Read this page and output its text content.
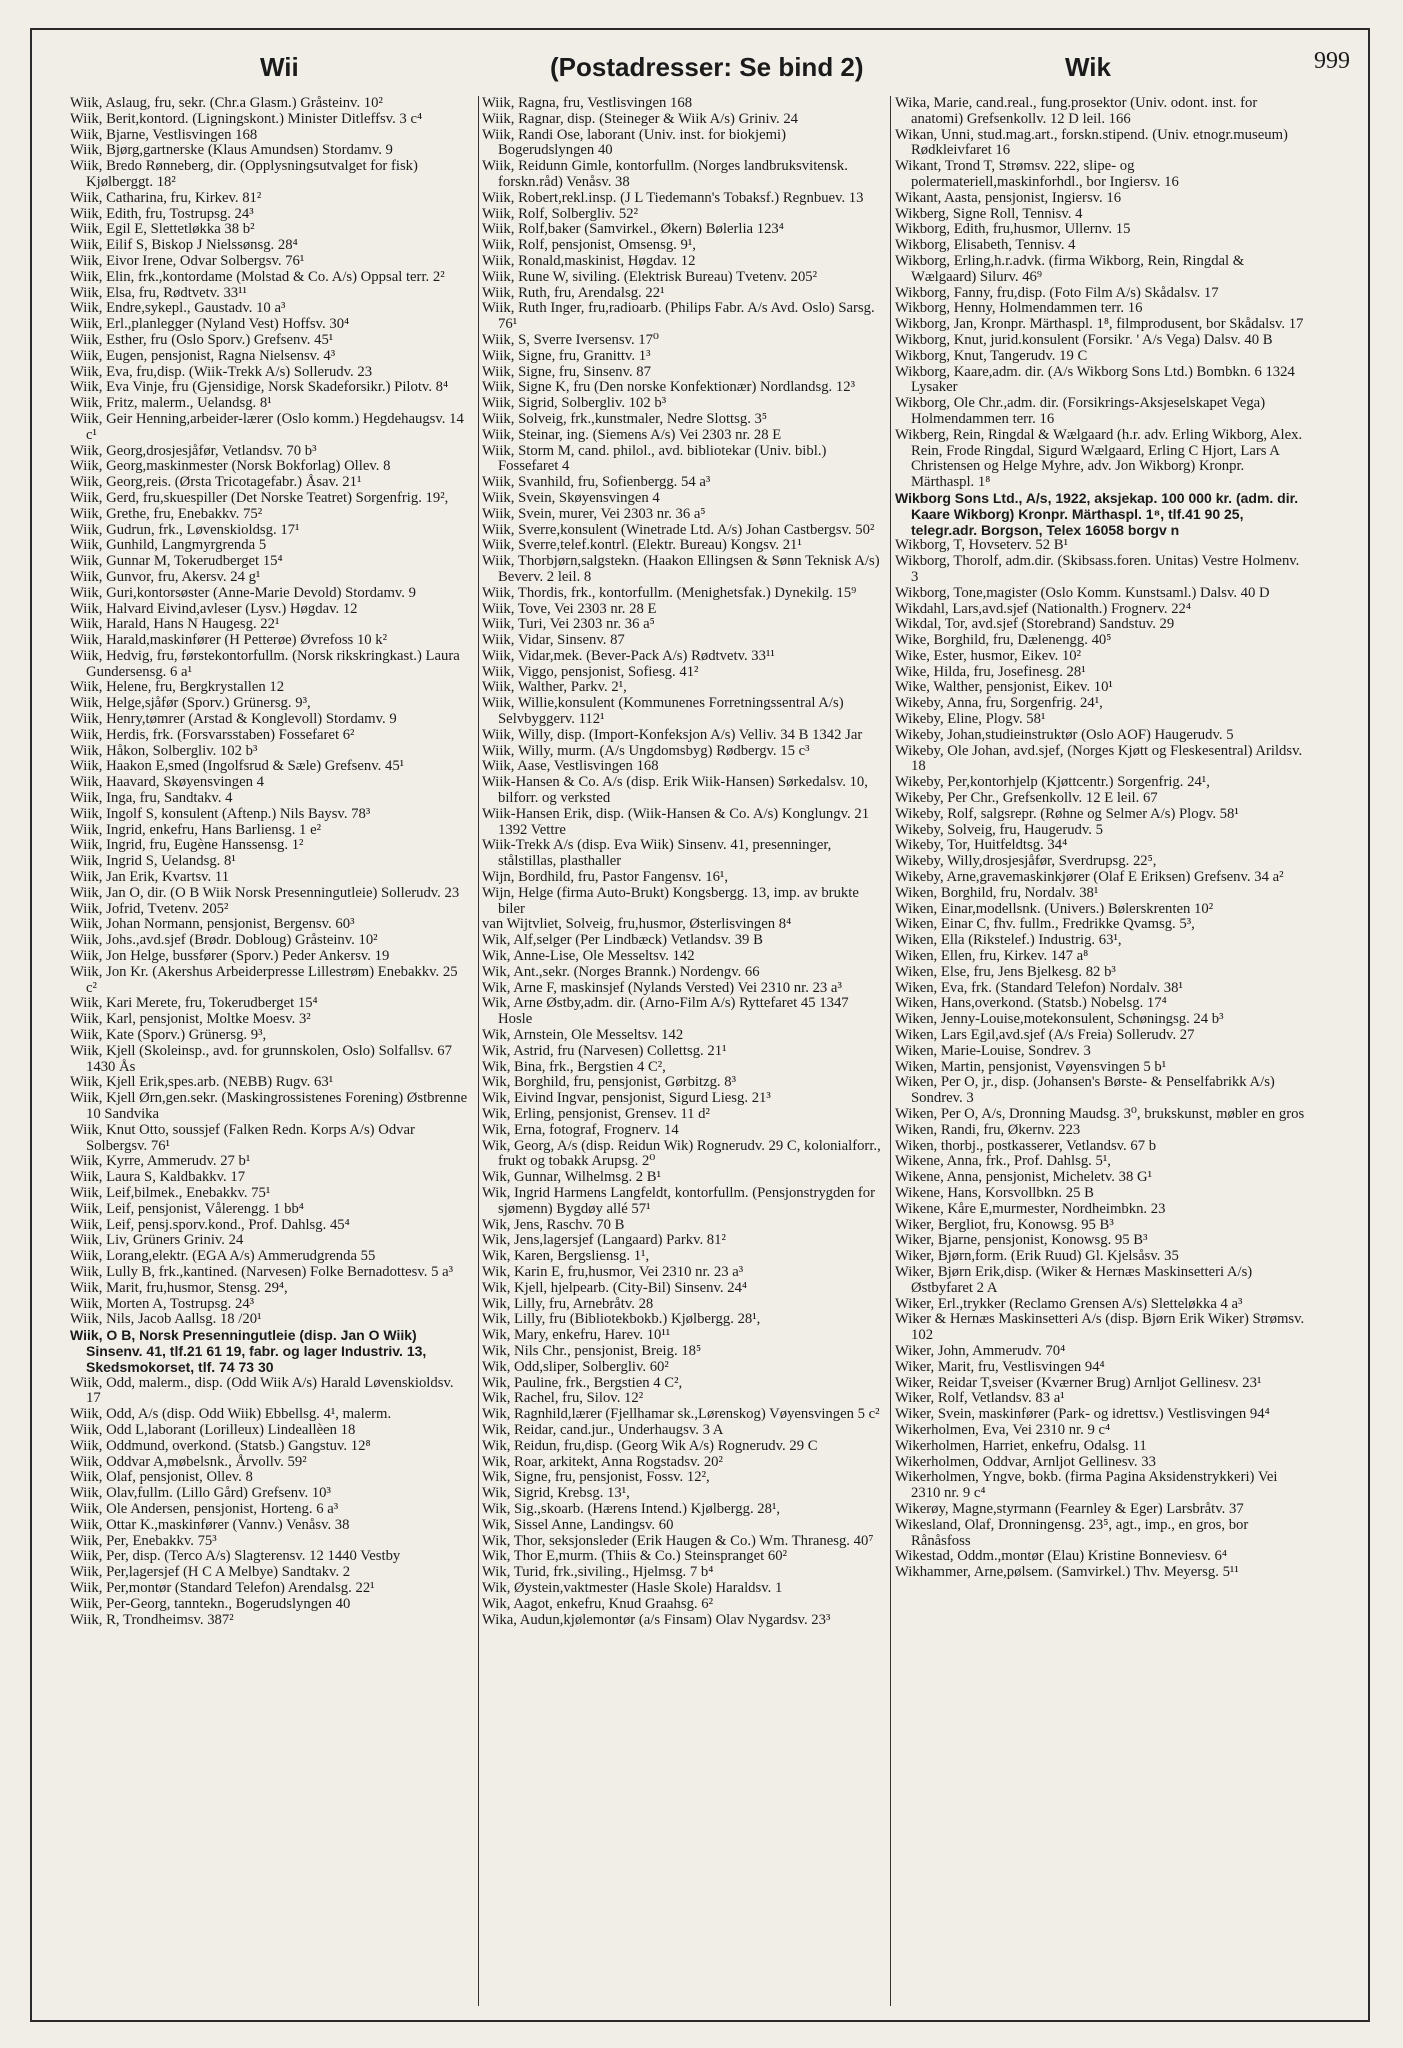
Wii	(Postadresser: Se bind 2)	Wik	999

Wiik, Aslaug, fru, sekr. (Chr.a Glasm.) Gråsteinv. 10²

Wiik, Berit,kontord. (Ligningskont.) Minister Ditleffsv. 3 c⁴

Wiik, Bjarne, Vestlisvingen 168

Wiik, Bjørg,gartnerske (Klaus Amundsen) Stordamv. 9

Wiik, Bredo Rønneberg, dir. (Opplysningsutvalget for fisk) Kjølberggt. 18²

Wiik, Catharina, fru, Kirkev. 81²

Wiik, Edith, fru, Tostrupsg. 24³

Wiik, Egil E, Slettetløkka 38 b²

Wiik, Eilif S, Biskop J Nielssønsg. 28⁴

Wiik, Eivor Irene, Odvar Solbergsv. 76¹

Wiik, Elin, frk.,kontordame (Molstad & Co. A/s) Oppsal terr. 2²

Wiik, Elsa, fru, Rødtvetv. 33¹¹

Wiik, Endre,sykepl., Gaustadv. 10 a³

Wiik, Erl.,planlegger (Nyland Vest) Hoffsv. 30⁴

Wiik, Esther, fru (Oslo Sporv.) Grefsenv. 45¹

Wiik, Eugen, pensjonist, Ragna Nielsensv. 4³

Wiik, Eva, fru,disp. (Wiik-Trekk A/s) Sollerudv. 23

Wiik, Eva Vinje, fru (Gjensidige, Norsk Skadeforsikr.) Pilotv. 8⁴

Wiik, Fritz, malerm., Uelandsg. 8¹

Wiik, Geir Henning,arbeider-lærer (Oslo komm.) Hegdehaugsv. 14 c¹

Wiik, Georg,drosjesjåfør, Vetlandsv. 70 b³

Wiik, Georg,maskinmester (Norsk Bokforlag) Ollev. 8

Wiik, Georg,reis. (Ørsta Tricotagefabr.) Åsav. 21¹

Wiik, Gerd, fru,skuespiller (Det Norske Teatret) Sorgenfrig. 19²,

Wiik, Grethe, fru, Enebakkv. 75²

Wiik, Gudrun, frk., Løvenskioldsg. 17¹

Wiik, Gunhild, Langmyrgrenda 5

Wiik, Gunnar M, Tokerudberget 15⁴

Wiik, Gunvor, fru, Akersv. 24 g¹

Wiik, Guri,kontorsøster (Anne-Marie Devold) Stordamv. 9

Wiik, Halvard Eivind,avleser (Lysv.) Høgdav. 12

Wiik, Harald, Hans N Haugesg. 22¹

Wiik, Harald,maskinfører (H Petterøe) Øvrefoss 10 k²

Wiik, Hedvig, fru, førstekontorfullm. (Norsk rikskringkast.) Laura Gundersensg. 6 a¹

Wiik, Helene, fru, Bergkrystallen 12

Wiik, Helge,sjåfør (Sporv.) Grünersg. 9³,

Wiik, Henry,tømrer (Arstad & Konglevoll) Stordamv. 9

Wiik, Herdis, frk. (Forsvarsstaben) Fossefaret 6²

Wiik, Håkon, Solbergliv. 102 b³

Wiik, Haakon E,smed (Ingolfsrud & Sæle) Grefsenv. 45¹

Wiik, Haavard, Skøyensvingen 4

Wiik, Inga, fru, Sandtakv. 4

Wiik, Ingolf S, konsulent (Aftenp.) Nils Baysv. 78³

Wiik, Ingrid, enkefru, Hans Barliensg. 1 e²

Wiik, Ingrid, fru, Eugène Hanssensg. 1²

Wiik, Ingrid S, Uelandsg. 8¹

Wiik, Jan Erik, Kvartsv. 11

Wiik, Jan O, dir. (O B Wiik Norsk Presenningutleie) Sollerudv. 23

Wiik, Jofrid, Tvetenv. 205²

Wiik, Johan Normann, pensjonist, Bergensv. 60³

Wiik, Johs.,avd.sjef (Brødr. Dobloug) Gråsteinv. 10²

Wiik, Jon Helge, bussfører (Sporv.) Peder Ankersv. 19

Wiik, Jon Kr. (Akershus Arbeiderpresse Lillestrøm) Enebakkv. 25 c²

Wiik, Kari Merete, fru, Tokerudberget 15⁴

Wiik, Karl, pensjonist, Moltke Moesv. 3²

Wiik, Kate (Sporv.) Grünersg. 9³,

Wiik, Kjell (Skoleinsp., avd. for grunnskolen, Oslo) Solfallsv. 67 1430 Ås

Wiik, Kjell Erik,spes.arb. (NEBB) Rugv. 63¹

Wiik, Kjell Ørn,gen.sekr. (Maskingrossistenes Forening) Østbrenne 10 Sandvika

Wiik, Knut Otto, soussjef (Falken Redn. Korps A/s) Odvar Solbergsv. 76¹

Wiik, Kyrre, Ammerudv. 27 b¹

Wiik, Laura S, Kaldbakkv. 17

Wiik, Leif,bilmek., Enebakkv. 75¹

Wiik, Leif, pensjonist, Vålerengg. 1 bb⁴

Wiik, Leif, pensj.sporv.kond., Prof. Dahlsg. 45⁴

Wiik, Liv, Grüners Griniv. 24

Wiik, Lorang,elektr. (EGA A/s) Ammerudgrenda 55

Wiik, Lully B, frk.,kantined. (Narvesen) Folke Bernadottesv. 5 a³

Wiik, Marit, fru,husmor, Stensg. 29⁴,

Wiik, Morten A, Tostrupsg. 24³

Wiik, Nils, Jacob Aallsg. 18 /20¹

Wiik, O B, Norsk Presenningutleie (disp. Jan O Wiik) Sinsenv. 41, tlf.21 61 19, fabr. og lager Industriv. 13, Skedsmokorset, tlf. 74 73 30

Wiik, Odd, malerm., disp. (Odd Wiik A/s) Harald Løvenskioldsv. 17

Wiik, Odd, A/s (disp. Odd Wiik) Ebbellsg. 4¹, malerm.

Wiik, Odd L,laborant (Lorilleux) Lindeallèen 18

Wiik, Oddmund, overkond. (Statsb.) Gangstuv. 12⁸

Wiik, Oddvar A,møbelsnk., Årvollv. 59²

Wiik, Olaf, pensjonist, Ollev. 8

Wiik, Olav,fullm. (Lillo Gård) Grefsenv. 10³

Wiik, Ole Andersen, pensjonist, Horteng. 6 a³

Wiik, Ottar K.,maskinfører (Vannv.) Venåsv. 38

Wiik, Per, Enebakkv. 75³

Wiik, Per, disp. (Terco A/s) Slagterensv. 12 1440 Vestby

Wiik, Per,lagersjef (H C A Melbye) Sandtakv. 2

Wiik, Per,montør (Standard Telefon) Arendalsg. 22¹

Wiik, Per-Georg, tanntekn., Bogerudslyngen 40

Wiik, R, Trondheimsv. 387²

Wiik, Ragna, fru, Vestlisvingen 168

Wiik, Ragnar, disp. (Steineger & Wiik A/s) Griniv. 24

Wiik, Randi Ose, laborant (Univ. inst. for biokjemi) Bogerudslyngen 40

Wiik, Reidunn Gimle, kontorfullm. (Norges landbruksvitensk. forskn.råd) Venåsv. 38

Wiik, Robert,rekl.insp. (J L Tiedemann's Tobaksf.) Regnbuev. 13

Wiik, Rolf, Solbergliv. 52²

Wiik, Rolf,baker (Samvirkel., Økern) Bølerlia 123⁴

Wiik, Rolf, pensjonist, Omsensg. 9¹,

Wiik, Ronald,maskinist, Høgdav. 12

Wiik, Rune W, siviling. (Elektrisk Bureau) Tvetenv. 205²

Wiik, Ruth, fru, Arendalsg. 22¹

Wiik, Ruth Inger, fru,radioarb. (Philips Fabr. A/s Avd. Oslo) Sarsg. 76¹

Wiik, S, Sverre Iversensv. 17⁰

Wiik, Signe, fru, Granittv. 1³

Wiik, Signe, fru, Sinsenv. 87

Wiik, Signe K, fru (Den norske Konfektionær) Nordlandsg. 12³

Wiik, Sigrid, Solbergliv. 102 b³

Wiik, Solveig, frk.,kunstmaler, Nedre Slottsg. 3⁵

Wiik, Steinar, ing. (Siemens A/s) Vei 2303 nr. 28 E

Wiik, Storm M, cand. philol., avd. bibliotekar (Univ. bibl.) Fossefaret 4

Wiik, Svanhild, fru, Sofienbergg. 54 a³

Wiik, Svein, Skøyensvingen 4

Wiik, Svein, murer, Vei 2303 nr. 36 a⁵

Wiik, Sverre,konsulent (Winetrade Ltd. A/s) Johan Castbergsv. 50²

Wiik, Sverre,telef.kontrl. (Elektr. Bureau) Kongsv. 21¹

Wiik, Thorbjørn,salgstekn. (Haakon Ellingsen & Sønn Teknisk A/s) Beverv. 2 leil. 8

Wiik, Thordis, frk., kontorfullm. (Menighetsfak.) Dynekilg. 15⁹

Wiik, Tove, Vei 2303 nr. 28 E

Wiik, Turi, Vei 2303 nr. 36 a⁵

Wiik, Vidar, Sinsenv. 87

Wiik, Vidar,mek. (Bever-Pack A/s) Rødtvetv. 33¹¹

Wiik, Viggo, pensjonist, Sofiesg. 41²

Wiik, Walther, Parkv. 2¹,

Wiik, Willie,konsulent (Kommunenes Forretningssentral A/s) Selvbyggerv. 112¹

Wiik, Willy, disp. (Import-Konfeksjon A/s) Velliv. 34 B 1342 Jar

Wiik, Willy, murm. (A/s Ungdomsbyg) Rødbergv. 15 c³

Wiik, Aase, Vestlisvingen 168

Wiik-Hansen & Co. A/s (disp. Erik Wiik-Hansen) Sørkedalsv. 10, bilforr. og verksted

Wiik-Hansen Erik, disp. (Wiik-Hansen & Co. A/s) Konglungv. 21 1392 Vettre

Wiik-Trekk A/s (disp. Eva Wiik) Sinsenv. 41, presenninger, stålstillas, plasthaller

Wijn, Bordhild, fru, Pastor Fangensv. 16¹,

Wijn, Helge (firma Auto-Brukt) Kongsbergg. 13, imp. av brukte biler

van Wijtvliet, Solveig, fru,husmor, Østerlisvingen 8⁴

Wik, Alf,selger (Per Lindbæck) Vetlandsv. 39 B

Wik, Anne-Lise, Ole Messeltsv. 142

Wik, Ant.,sekr. (Norges Brannk.) Nordengv. 66

Wik, Arne F, maskinsjef (Nylands Versted) Vei 2310 nr. 23 a³

Wik, Arne Østby,adm. dir. (Arno-Film A/s) Ryttefaret 45 1347 Hosle

Wik, Arnstein, Ole Messeltsv. 142

Wik, Astrid, fru (Narvesen) Collettsg. 21¹

Wik, Bina, frk., Bergstien 4 C²,

Wik, Borghild, fru, pensjonist, Gørbitzg. 8³

Wik, Eivind Ingvar, pensjonist, Sigurd Liesg. 21³

Wik, Erling, pensjonist, Grensev. 11 d²

Wik, Erna, fotograf, Frognerv. 14

Wik, Georg, A/s (disp. Reidun Wik) Rognerudv. 29 C, kolonialforr., frukt og tobakk Arupsg. 2⁰

Wik, Gunnar, Wilhelmsg. 2 B¹

Wik, Ingrid Harmens Langfeldt, kontorfullm. (Pensjonstrygden for sjømenn) Bygdøy allé 57¹

Wik, Jens, Raschv. 70 B

Wik, Jens,lagersjef (Langaard) Parkv. 81²

Wik, Karen, Bergsliensg. 1¹,

Wik, Karin E, fru,husmor, Vei 2310 nr. 23 a³

Wik, Kjell, hjelpearb. (City-Bil) Sinsenv. 24⁴

Wik, Lilly, fru, Arnebråtv. 28

Wik, Lilly, fru (Bibliotekbokb.) Kjølbergg. 28¹,

Wik, Mary, enkefru, Harev. 10¹¹

Wik, Nils Chr., pensjonist, Breig. 18⁵

Wik, Odd,sliper, Solbergliv. 60²

Wik, Pauline, frk., Bergstien 4 C²,

Wik, Rachel, fru, Silov. 12²

Wik, Ragnhild,lærer (Fjellhamar sk.,Lørenskog) Vøyensvingen 5 c²

Wik, Reidar, cand.jur., Underhaugsv. 3 A

Wik, Reidun, fru,disp. (Georg Wik A/s) Rognerudv. 29 C

Wik, Roar, arkitekt, Anna Rogstadsv. 20²

Wik, Signe, fru, pensjonist, Fossv. 12²,

Wik, Sigrid, Krebsg. 13¹,

Wik, Sig.,skoarb. (Hærens Intend.) Kjølbergg. 28¹,

Wik, Sissel Anne, Landingsv. 60

Wik, Thor, seksjonsleder (Erik Haugen & Co.) Wm. Thranesg. 40⁷

Wik, Thor E,murm. (Thiis & Co.) Steinspranget 60²

Wik, Turid, frk.,siviling., Hjelmsg. 7 b⁴

Wik, Øystein,vaktmester (Hasle Skole) Haraldsv. 1

Wik, Aagot, enkefru, Knud Graahsg. 6²

Wika, Audun,kjølemontør (a/s Finsam) Olav Nygardsv. 23³

Wika, Marie, cand.real., fung.prosektor (Univ. odont. inst. for anatomi) Grefsenkollv. 12 D leil. 166

Wikan, Unni, stud.mag.art., forskn.stipend. (Univ. etnogr.museum) Rødkleivfaret 16

Wikant, Trond T, Strømsv. 222, slipe- og polermateriell,maskinforhdl., bor Ingiersv. 16

Wikant, Aasta, pensjonist, Ingiersv. 16

Wikberg, Signe Roll, Tennisv. 4

Wikborg, Edith, fru,husmor, Ullernv. 15

Wikborg, Elisabeth, Tennisv. 4

Wikborg, Erling,h.r.advk. (firma Wikborg, Rein, Ringdal & Wælgaard) Silurv. 46⁹

Wikborg, Fanny, fru,disp. (Foto Film A/s) Skådalsv. 17

Wikborg, Henny, Holmendammen terr. 16

Wikborg, Jan, Kronpr. Märthaspl. 1⁸, filmprodusent, bor Skådalsv. 17

Wikborg, Knut, jurid.konsulent (Forsikr. ' A/s Vega) Dalsv. 40 B

Wikborg, Knut, Tangerudv. 19 C

Wikborg, Kaare,adm. dir. (A/s Wikborg Sons Ltd.) Bombkn. 6 1324 Lysaker

Wikborg, Ole Chr.,adm. dir. (Forsikrings-Aksjeselskapet Vega) Holmendammen terr. 16

Wikberg, Rein, Ringdal & Wælgaard (h.r. adv. Erling Wikborg, Alex. Rein, Frode Ringdal, Sigurd Wælgaard, Erling C Hjort, Lars A Christensen og Helge Myhre, adv. Jon Wikborg) Kronpr. Märthaspl. 1⁸

Wikborg Sons Ltd., A/s, 1922, aksjekap. 100 000 kr. (adm. dir. Kaare Wikborg) Kronpr. Märthaspl. 1⁸, tlf.41 90 25, telegr.adr. Borgson, Telex 16058 borgv n

Wikborg, T, Hovseterv. 52 B¹

Wikborg, Thorolf, adm.dir. (Skibsass.foren. Unitas) Vestre Holmenv. 3

Wikborg, Tone,magister (Oslo Komm. Kunstsaml.) Dalsv. 40 D

Wikdahl, Lars,avd.sjef (Nationalth.) Frognerv. 22⁴

Wikdal, Tor, avd.sjef (Storebrand) Sandstuv. 29

Wike, Borghild, fru, Dælenengg. 40⁵

Wike, Ester, husmor, Eikev. 10²

Wike, Hilda, fru, Josefinesg. 28¹

Wike, Walther, pensjonist, Eikev. 10¹

Wikeby, Anna, fru, Sorgenfrig. 24¹,

Wikeby, Eline, Plogv. 58¹

Wikeby, Johan,studieinstruktør (Oslo AOF) Haugerudv. 5

Wikeby, Ole Johan, avd.sjef, (Norges Kjøtt og Fleskesentral) Arildsv. 18

Wikeby, Per,kontorhjelp (Kjøttcentr.) Sorgenfrig. 24¹,

Wikeby, Per Chr., Grefsenkollv. 12 E leil. 67

Wikeby, Rolf, salgsrepr. (Røhne og Selmer A/s) Plogv. 58¹

Wikeby, Solveig, fru, Haugerudv. 5

Wikeby, Tor, Huitfeldtsg. 34⁴

Wikeby, Willy,drosjesjåfør, Sverdrupsg. 22⁵,

Wikeby, Arne,gravemaskinkjører (Olaf E Eriksen) Grefsenv. 34 a²

Wiken, Borghild, fru, Nordalv. 38¹

Wiken, Einar,modellsnk. (Univers.) Bølerskrenten 10²

Wiken, Einar C, fhv. fullm., Fredrikke Qvamsg. 5³,

Wiken, Ella (Rikstelef.) Industrig. 63¹,

Wiken, Ellen, fru, Kirkev. 147 a⁸

Wiken, Else, fru, Jens Bjelkesg. 82 b³

Wiken, Eva, frk. (Standard Telefon) Nordalv. 38¹

Wiken, Hans,overkond. (Statsb.) Nobelsg. 17⁴

Wiken, Jenny-Louise,motekonsulent, Schøningsg. 24 b³

Wiken, Lars Egil,avd.sjef (A/s Freia) Sollerudv. 27

Wiken, Marie-Louise, Sondrev. 3

Wiken, Martin, pensjonist, Vøyensvingen 5 b¹

Wiken, Per O, jr., disp. (Johansen's Børste- & Penselfabrikk A/s) Sondrev. 3

Wiken, Per O, A/s, Dronning Maudsg. 3⁰, brukskunst, møbler en gros

Wiken, Randi, fru, Økernv. 223

Wiken, thorbj., postkasserer, Vetlandsv. 67 b

Wikene, Anna, frk., Prof. Dahlsg. 5¹,

Wikene, Anna, pensjonist, Micheletv. 38 G¹

Wikene, Hans, Korsvollbkn. 25 B

Wikene, Kåre E,murmester, Nordheimbkn. 23

Wiker, Bergliot, fru, Konowsg. 95 B³

Wiker, Bjarne, pensjonist, Konowsg. 95 B³

Wiker, Bjørn,form. (Erik Ruud) Gl. Kjelsåsv. 35

Wiker, Bjørn Erik,disp. (Wiker & Hernæs Maskinsetteri A/s) Østbyfaret 2 A

Wiker, Erl.,trykker (Reclamo Grensen A/s) Sletteløkka 4 a³

Wiker & Hernæs Maskinsetteri A/s (disp. Bjørn Erik Wiker) Strømsv. 102

Wiker, John, Ammerudv. 70⁴

Wiker, Marit, fru, Vestlisvingen 94⁴

Wiker, Reidar T,sveiser (Kværner Brug) Arnljot Gellinesv. 23¹

Wiker, Rolf, Vetlandsv. 83 a¹

Wiker, Svein, maskinfører (Park- og idrettsv.) Vestlisvingen 94⁴

Wikerholmen, Eva, Vei 2310 nr. 9 c⁴

Wikerholmen, Harriet, enkefru, Odalsg. 11

Wikerholmen, Oddvar, Arnljot Gellinesv. 33

Wikerholmen, Yngve, bokb. (firma Pagina Aksidenstrykkeri) Vei 2310 nr. 9 c⁴

Wikerøy, Magne,styrmann (Fearnley & Eger) Larsbråtv. 37

Wikesland, Olaf, Dronningensg. 23⁵, agt., imp., en gros, bor Rånåsfoss

Wikestad, Oddm.,montør (Elau) Kristine Bonneviesv. 6⁴

Wikhammer, Arne,pølsem. (Samvirkel.) Thv. Meyersg. 5¹¹
